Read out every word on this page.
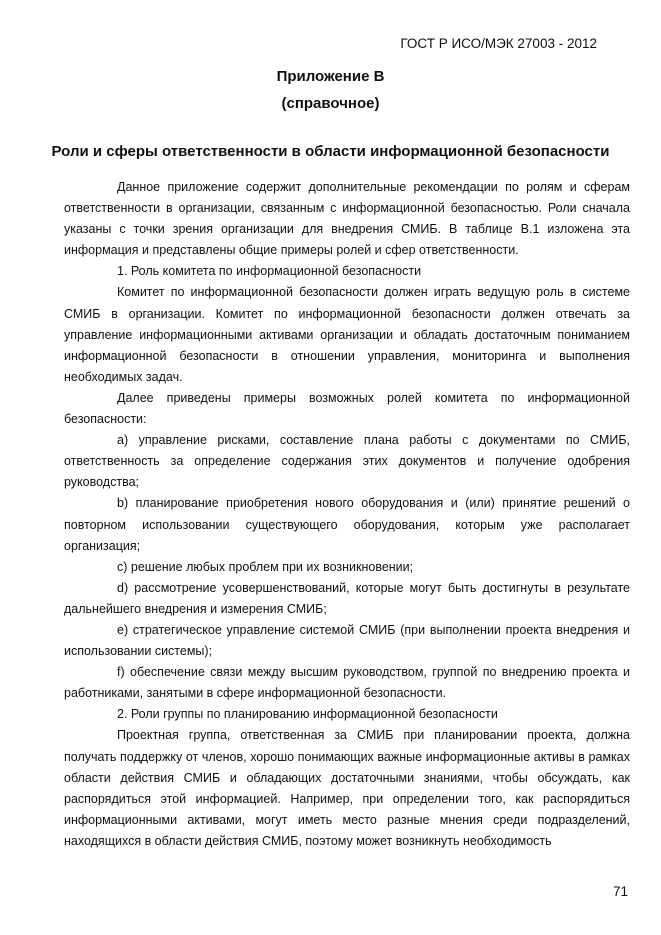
ГОСТ Р ИСО/МЭК 27003 - 2012
Приложение В
(справочное)
Роли и сферы ответственности в области информационной безопасности

Данное приложение содержит дополнительные рекомендации по ролям и сферам ответственности в организации, связанным с информационной безопасностью. Роли сначала указаны с точки зрения организации для внедрения СМИБ. В таблице В.1 изложена эта информация и представлены общие примеры ролей и сфер ответственности.

1. Роль комитета по информационной безопасности

Комитет по информационной безопасности должен играть ведущую роль в системе СМИБ в организации. Комитет по информационной безопасности должен отвечать за управление информационными активами организации и обладать достаточным пониманием информационной безопасности в отношении управления, мониторинга и выполнения необходимых задач.

Далее приведены примеры возможных ролей комитета по информационной безопасности:

а) управление рисками, составление плана работы с документами по СМИБ, ответственность за определение содержания этих документов и получение одобрения руководства;

b) планирование приобретения нового оборудования и (или) принятие решений о повторном использовании существующего оборудования, которым уже располагает организация;

с) решение любых проблем при их возникновении;

d) рассмотрение усовершенствований, которые могут быть достигнуты в результате дальнейшего внедрения и измерения СМИБ;

е) стратегическое управление системой СМИБ (при выполнении проекта внедрения и использовании системы);

f) обеспечение связи между высшим руководством, группой по внедрению проекта и работниками, занятыми в сфере информационной безопасности.

2. Роли группы по планированию информационной безопасности

Проектная группа, ответственная за СМИБ при планировании проекта, должна получать поддержку от членов, хорошо понимающих важные информационные активы в рамках области действия СМИБ и обладающих достаточными знаниями, чтобы обсуждать, как распорядиться этой информацией. Например, при определении того, как распорядиться информационными активами, могут иметь место разные мнения среди подразделений, находящихся в области действия СМИБ, поэтому может возникнуть необходимость

71
